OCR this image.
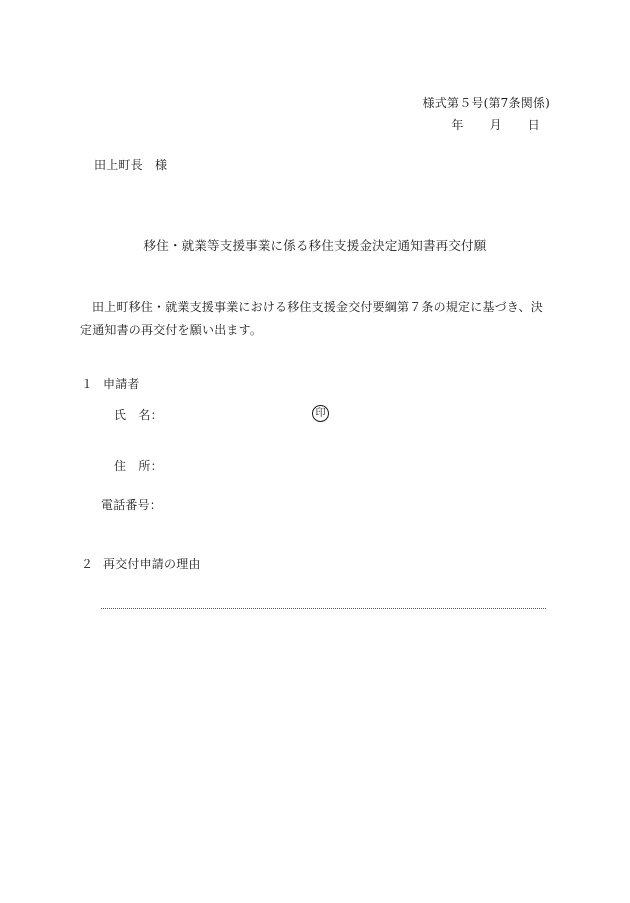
様式第５号(第7条関係)
年 月 日
田上町長　様
移住・就業等支援事業に係る移住支援金決定通知書再交付願
田上町移住・就業支援事業における移住支援金交付要綱第７条の規定に基づき、決定通知書の再交付を願い出ます。
１ 申請者
氏　名：	印
住　所：
電話番号：
２ 再交付申請の理由
